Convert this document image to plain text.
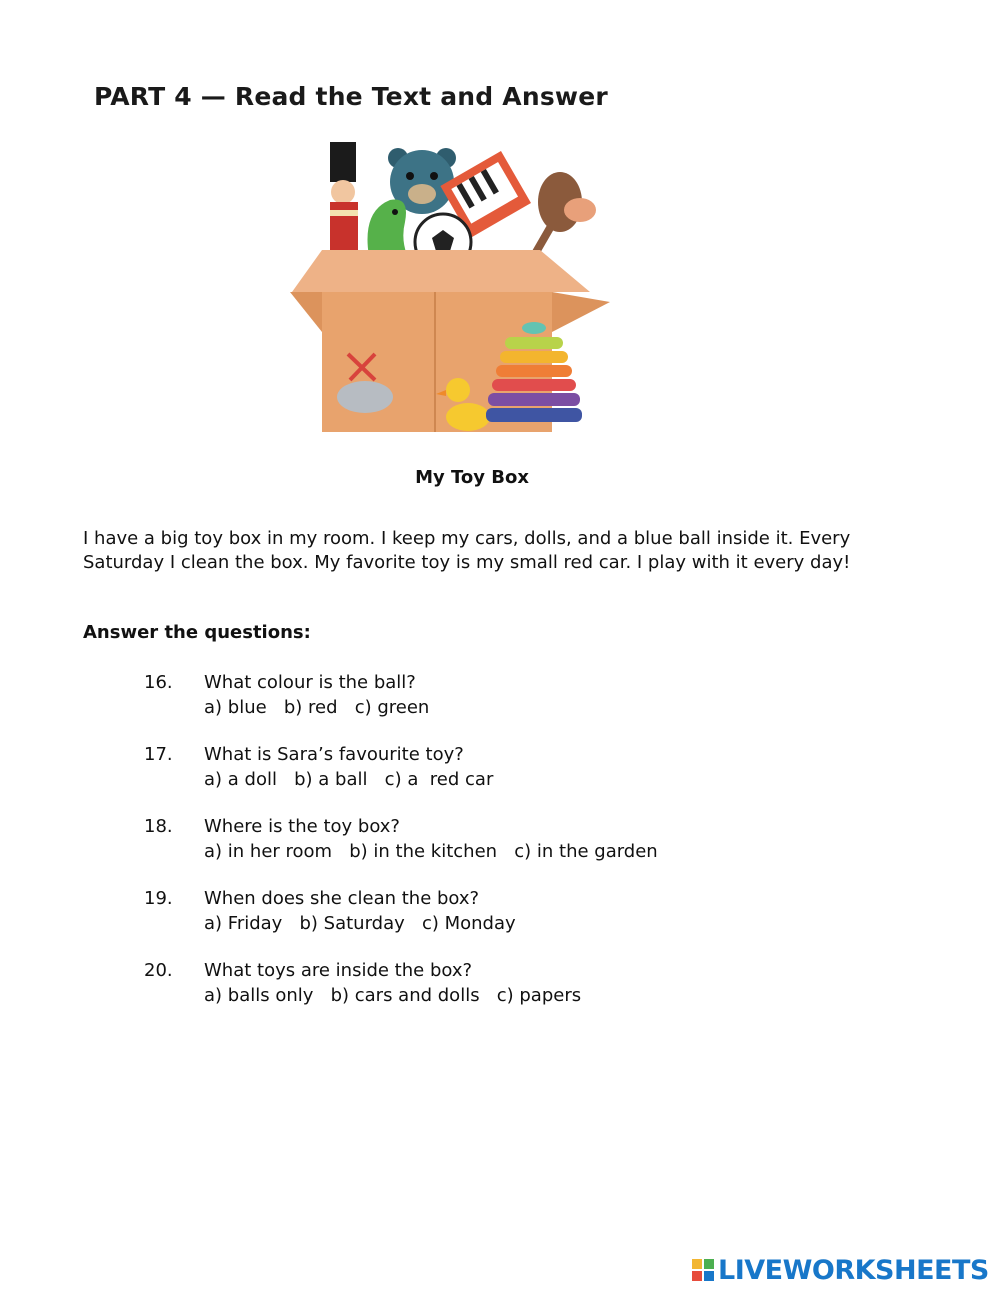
PART 4 — Read the Text and Answer
My Toy Box
I have a big toy box in my room. I keep my cars, dolls, and a blue ball inside it. Every Saturday I clean the box. My favorite toy is my small red car. I play with it every day!
Answer the questions:
16.	What colour is the ball?
a) blue   b) red   c) green
17.	What is Sara’s favourite toy?
a) a doll   b) a ball   c) a  red car
18.	Where is the toy box?
a) in her room   b) in the kitchen   c) in the garden
19.	When does she clean the box?
a) Friday   b) Saturday   c) Monday
20.	What toys are inside the box?
a) balls only   b) cars and dolls   c) papers
LIVEWORKSHEETS
